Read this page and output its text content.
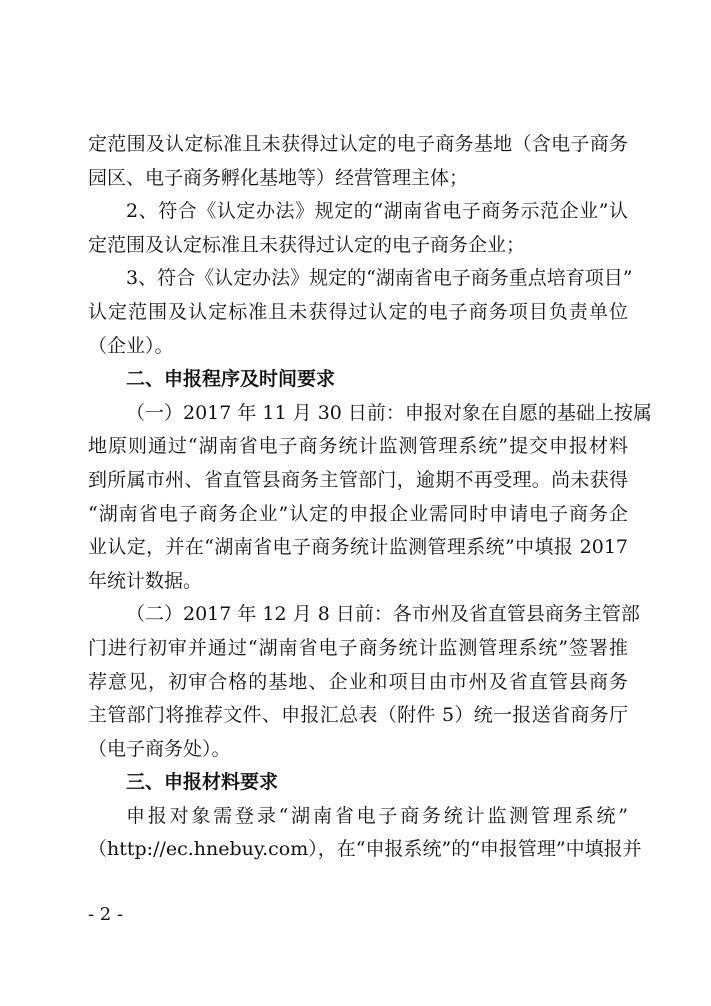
定范围及认定标准且未获得过认定的电子商务基地（含电子商务
园区、电子商务孵化基地等）经营管理主体；
2、符合《认定办法》规定的“湖南省电子商务示范企业”认
定范围及认定标准且未获得过认定的电子商务企业；
3、符合《认定办法》规定的“湖南省电子商务重点培育项目”
认定范围及认定标准且未获得过认定的电子商务项目负责单位
（企业）。
二、申报程序及时间要求
（一）2017 年 11 月 30 日前：申报对象在自愿的基础上按属
地原则通过“湖南省电子商务统计监测管理系统”提交申报材料
到所属市州、省直管县商务主管部门，逾期不再受理。尚未获得
“湖南省电子商务企业”认定的申报企业需同时申请电子商务企
业认定，并在“湖南省电子商务统计监测管理系统”中填报 2017
年统计数据。
（二）2017 年 12 月 8 日前：各市州及省直管县商务主管部
门进行初审并通过“湖南省电子商务统计监测管理系统”签署推
荐意见，初审合格的基地、企业和项目由市州及省直管县商务
主管部门将推荐文件、申报汇总表（附件 5）统一报送省商务厅
（电子商务处）。
三、申报材料要求
申报对象需登录“湖南省电子商务统计监测管理系统”
（http://ec.hnebuy.com），在“申报系统”的“申报管理”中填报并
- 2 -
